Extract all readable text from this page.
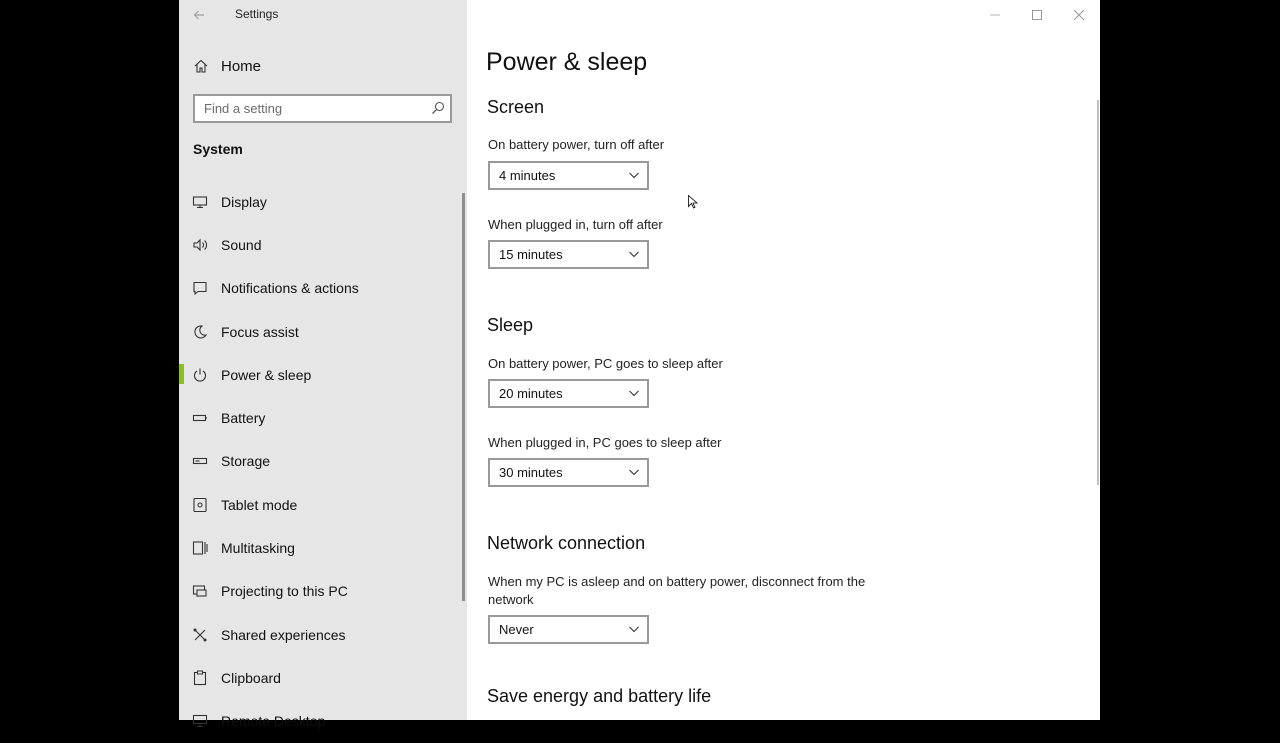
Settings
Home
Find a setting
System
Display
Sound
Notifications & actions
Focus assist
Power & sleep
Battery
Storage
Tablet mode
Multitasking
Projecting to this PC
Shared experiences
Clipboard
Remote Desktop
Power & sleep
Screen
On battery power, turn off after
4 minutes
When plugged in, turn off after
15 minutes
Sleep
On battery power, PC goes to sleep after
20 minutes
When plugged in, PC goes to sleep after
30 minutes
Network connection
When my PC is asleep and on battery power, disconnect from the network
Never
Save energy and battery life
